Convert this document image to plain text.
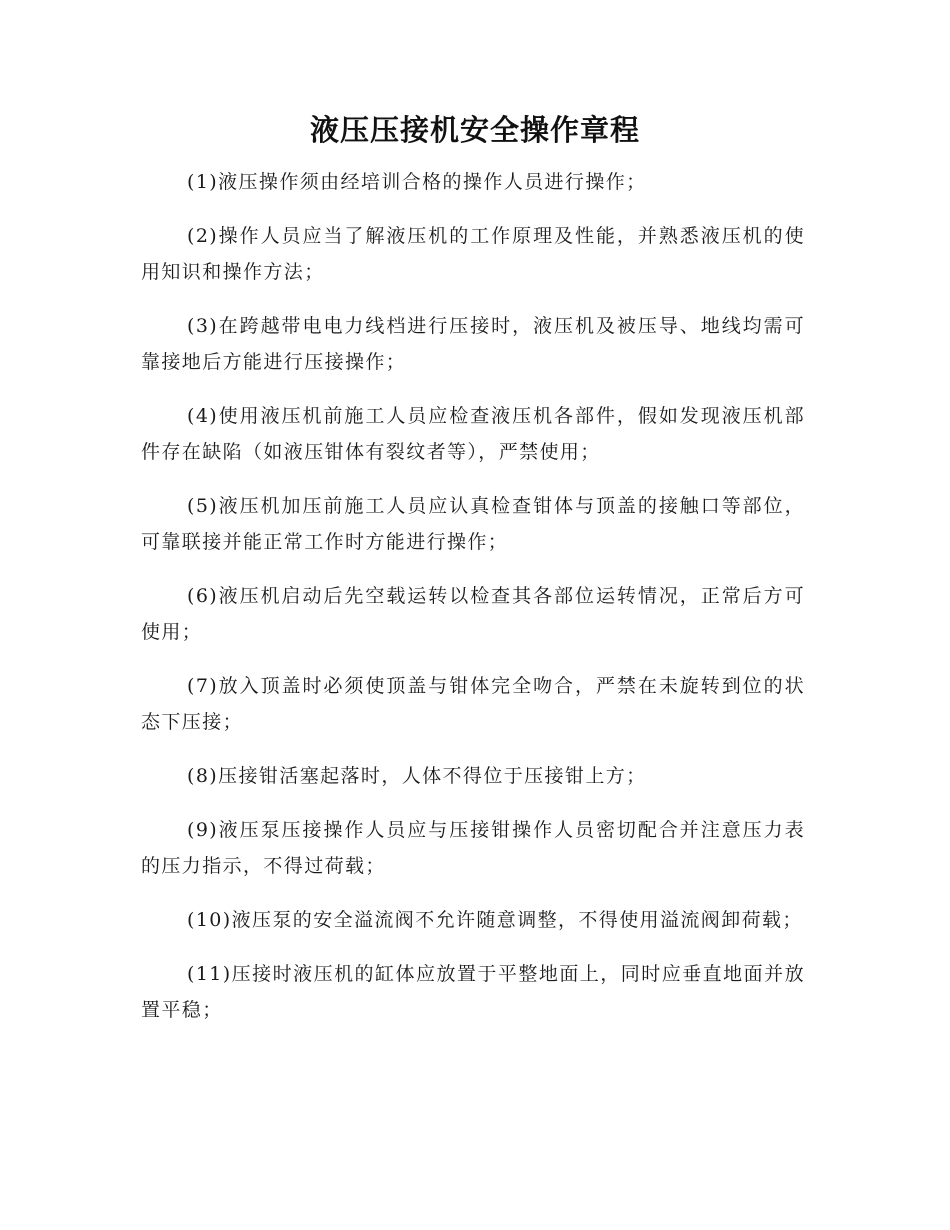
液压压接机安全操作章程

(1)液压操作须由经培训合格的操作人员进行操作；

(2)操作人员应当了解液压机的工作原理及性能，并熟悉液压机的使用知识和操作方法；

(3)在跨越带电电力线档进行压接时，液压机及被压导、地线均需可靠接地后方能进行压接操作；

(4)使用液压机前施工人员应检查液压机各部件，假如发现液压机部件存在缺陷（如液压钳体有裂纹者等），严禁使用；

(5)液压机加压前施工人员应认真检查钳体与顶盖的接触口等部位，可靠联接并能正常工作时方能进行操作；

(6)液压机启动后先空载运转以检查其各部位运转情况，正常后方可使用；

(7)放入顶盖时必须使顶盖与钳体完全吻合，严禁在未旋转到位的状态下压接；

(8)压接钳活塞起落时，人体不得位于压接钳上方；

(9)液压泵压接操作人员应与压接钳操作人员密切配合并注意压力表的压力指示，不得过荷载；

(10)液压泵的安全溢流阀不允许随意调整，不得使用溢流阀卸荷载；

(11)压接时液压机的缸体应放置于平整地面上，同时应垂直地面并放置平稳；
